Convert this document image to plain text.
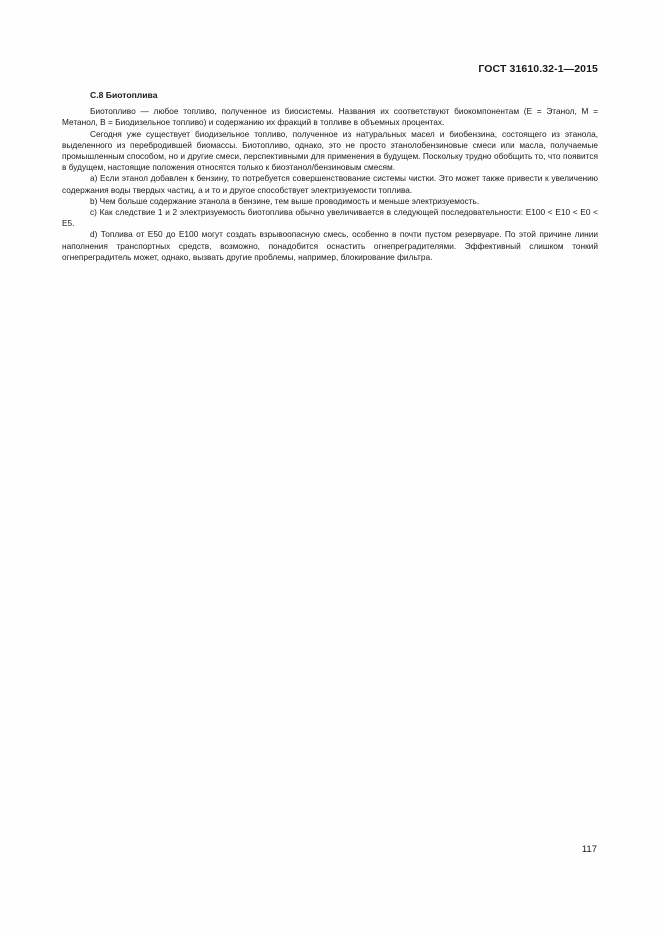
ГОСТ 31610.32-1—2015
С.8 Биотоплива

Биотопливо — любое топливо, полученное из биосистемы. Названия их соответствуют биокомпонентам (Е = Этанол, М = Метанол, В = Биодизельное топливо) и содержанию их фракций в топливе в объемных процентах.

Сегодня уже существует биодизельное топливо, полученное из натуральных масел и биобензина, состоящего из этанола, выделенного из перебродившей биомассы. Биотопливо, однако, это не просто этанолобензиновые смеси или масла, получаемые промышленным способом, но и другие смеси, перспективными для применения в будущем. Поскольку трудно обобщить то, что появится в будущем, настоящие положения относятся только к биоэтанол/бензиновым смесям.

а) Если этанол добавлен к бензину, то потребуется совершенствование системы чистки. Это может также привести к увеличению содержания воды твердых частиц, а и то и другое способствует электризуемости топлива.

b) Чем больше содержание этанола в бензине, тем выше проводимость и меньше электризуемость.

c) Как следствие 1 и 2 электризуемость биотоплива обычно увеличивается в следующей последовательности: Е100 < Е10 < Е0 < Е5.

d) Топлива от Е50 до Е100 могут создать взрывоопасную смесь, особенно в почти пустом резервуаре. По этой причине линии наполнения транспортных средств, возможно, понадобится оснастить огнепреградителями. Эффективный слишком тонкий огнепреградитель может, однако, вызвать другие проблемы, например, блокирование фильтра.

117
